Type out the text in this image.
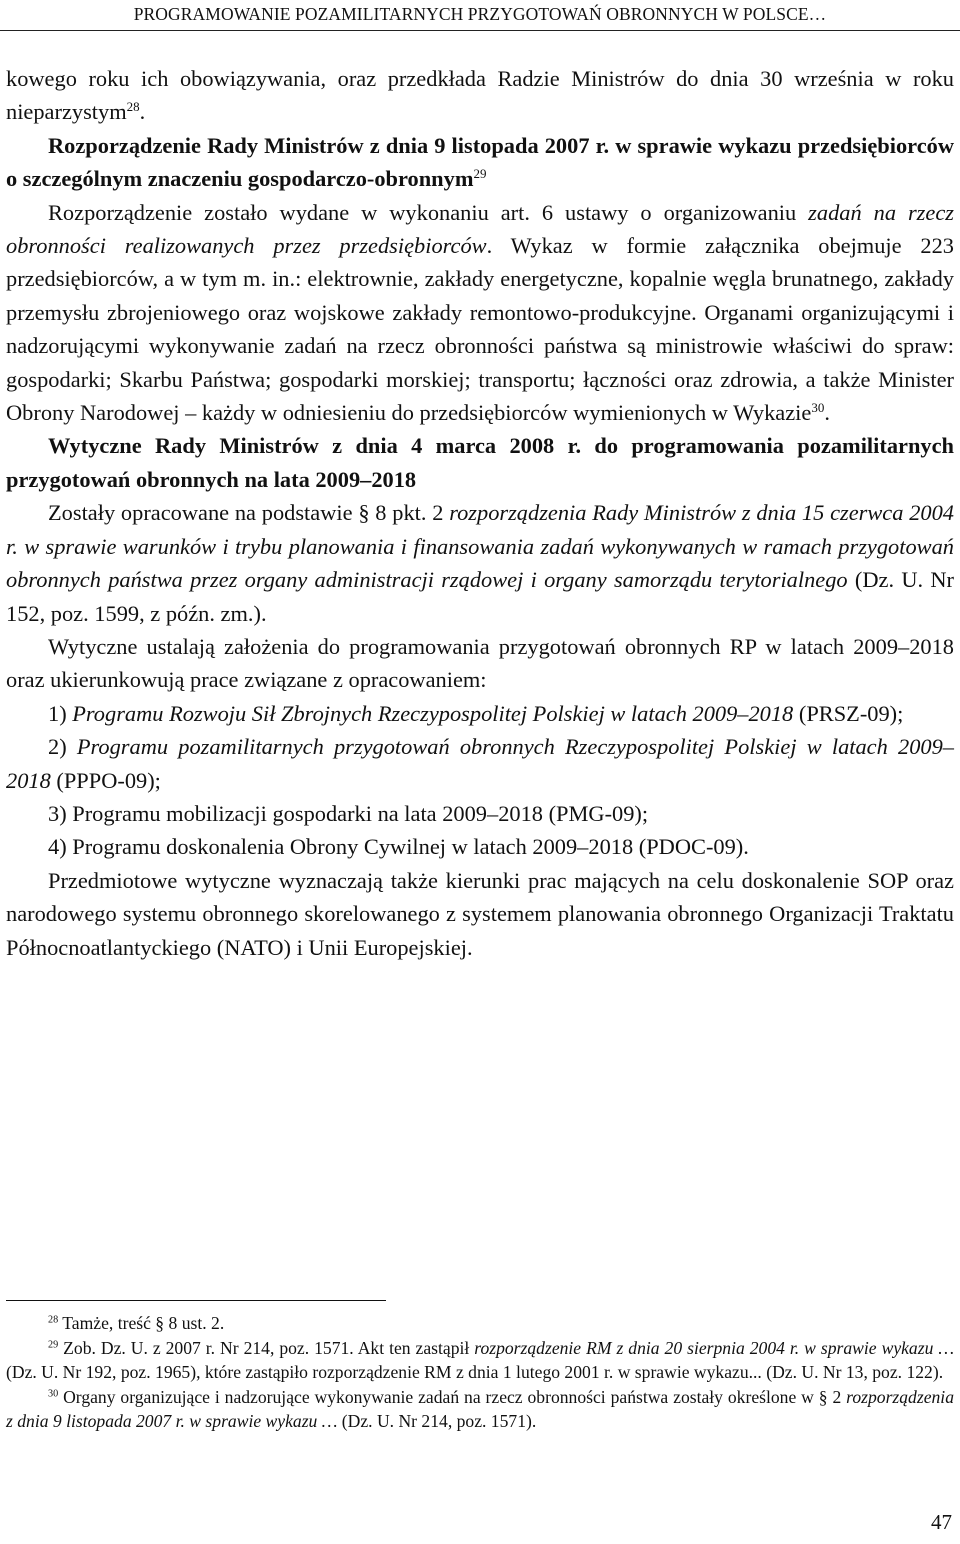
PROGRAMOWANIE POZAMILITARNYCH PRZYGOTOWAŃ OBRONNYCH W POLSCE…

kowego roku ich obowiązywania, oraz przedkłada Radzie Ministrów do dnia 30 września w roku nieparzystym$^{28}$.

Rozporządzenie Rady Ministrów z dnia 9 listopada 2007 r. w sprawie wykazu przedsiębiorców o szczególnym znaczeniu gospodarczo-obronnym$^{29}$

Rozporządzenie zostało wydane w wykonaniu art. 6 ustawy o organizowaniu zadań na rzecz obronności realizowanych przez przedsiębiorców. Wykaz w formie załącznika obejmuje 223 przedsiębiorców, a w tym m. in.: elektrownie, zakłady energetyczne, kopalnie węgla brunatnego, zakłady przemysłu zbrojeniowego oraz wojskowe zakłady remontowo-produkcyjne. Organami organizującymi i nadzorującymi wykonywanie zadań na rzecz obronności państwa są ministrowie właściwi do spraw: gospodarki; Skarbu Państwa; gospodarki morskiej; transportu; łączności oraz zdrowia, a także Minister Obrony Narodowej – każdy w odniesieniu do przedsiębiorców wymienionych w Wykazie$^{30}$.

Wytyczne Rady Ministrów z dnia 4 marca 2008 r. do programowania pozamilitarnych przygotowań obronnych na lata 2009–2018

Zostały opracowane na podstawie § 8 pkt. 2 rozporządzenia Rady Ministrów z dnia 15 czerwca 2004 r. w sprawie warunków i trybu planowania i finansowania zadań wykonywanych w ramach przygotowań obronnych państwa przez organy administracji rządowej i organy samorządu terytorialnego (Dz. U. Nr 152, poz. 1599, z późn. zm.).

Wytyczne ustalają założenia do programowania przygotowań obronnych RP w latach 2009–2018 oraz ukierunkowują prace związane z opracowaniem:

1) Programu Rozwoju Sił Zbrojnych Rzeczypospolitej Polskiej w latach 2009–2018 (PRSZ-09);

2) Programu pozamilitarnych przygotowań obronnych Rzeczypospolitej Polskiej w latach 2009–2018 (PPPO-09);

3) Programu mobilizacji gospodarki na lata 2009–2018 (PMG-09);

4) Programu doskonalenia Obrony Cywilnej w latach 2009–2018 (PDOC-09).

Przedmiotowe wytyczne wyznaczają także kierunki prac mających na celu doskonalenie SOP oraz narodowego systemu obronnego skorelowanego z systemem planowania obronnego Organizacji Traktatu Północnoatlantyckiego (NATO) i Unii Europejskiej.

$^{28}$ Tamże, treść § 8 ust. 2.

$^{29}$ Zob. Dz. U. z 2007 r. Nr 214, poz. 1571. Akt ten zastąpił rozporządzenie RM z dnia 20 sierpnia 2004 r. w sprawie wykazu … (Dz. U. Nr 192, poz. 1965), które zastąpiło rozporządzenie RM z dnia 1 lutego 2001 r. w sprawie wykazu... (Dz. U. Nr 13, poz. 122).

$^{30}$ Organy organizujące i nadzorujące wykonywanie zadań na rzecz obronności państwa zostały określone w § 2 rozporządzenia z dnia 9 listopada 2007 r. w sprawie wykazu … (Dz. U. Nr 214, poz. 1571).

47
